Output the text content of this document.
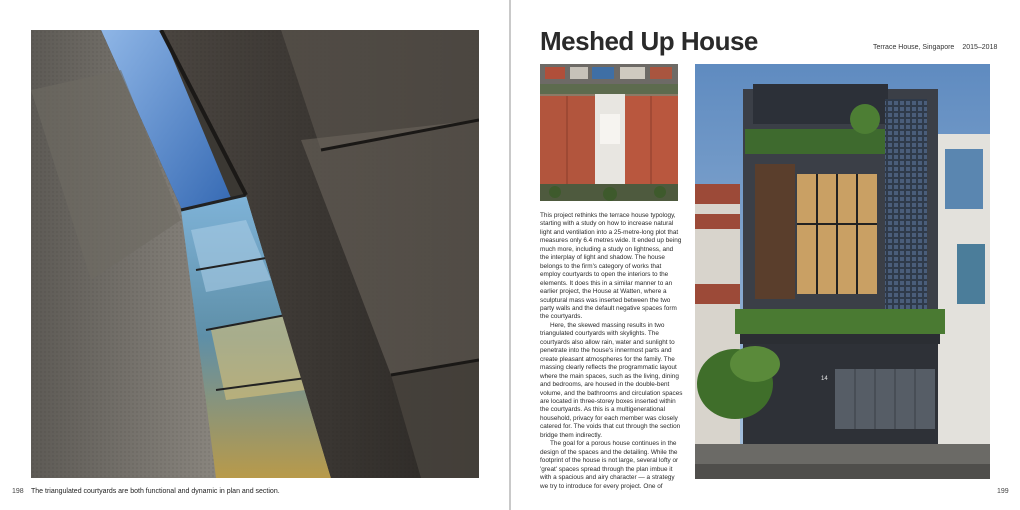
198 The triangulated courtyards are both functional and dynamic in plan and section.
Meshed Up House	Terrace House, Singapore 2015–2018

This project rethinks the terrace house typology, starting with a study on how to increase natural light and ventilation into a 25-metre-long plot that measures only 6.4 metres wide. It ended up being much more, including a study on lightness, and the interplay of light and shadow. The house belongs to the firm's category of works that employ courtyards to open the interiors to the elements. It does this in a similar manner to an earlier project, the House at Watten, where a sculptural mass was inserted between the two party walls and the default negative spaces form the courtyards.

Here, the skewed massing results in two triangulated courtyards with skylights. The courtyards also allow rain, water and sunlight to penetrate into the house's innermost parts and create pleasant atmospheres for the family. The massing clearly reflects the programmatic layout where the main spaces, such as the living, dining and bedrooms, are housed in the double-bent volume, and the bathrooms and circulation spaces are located in three-storey boxes inserted within the courtyards. As this is a multigenerational household, privacy for each member was closely catered for. The voids that cut through the section bridge them indirectly.

The goal for a porous house continues in the design of the spaces and the detailing. While the footprint of the house is not large, several lofty or 'great' spaces spread through the plan imbue it with a spacious and airy character — a strategy we try to introduce for every project. One of

14
199
